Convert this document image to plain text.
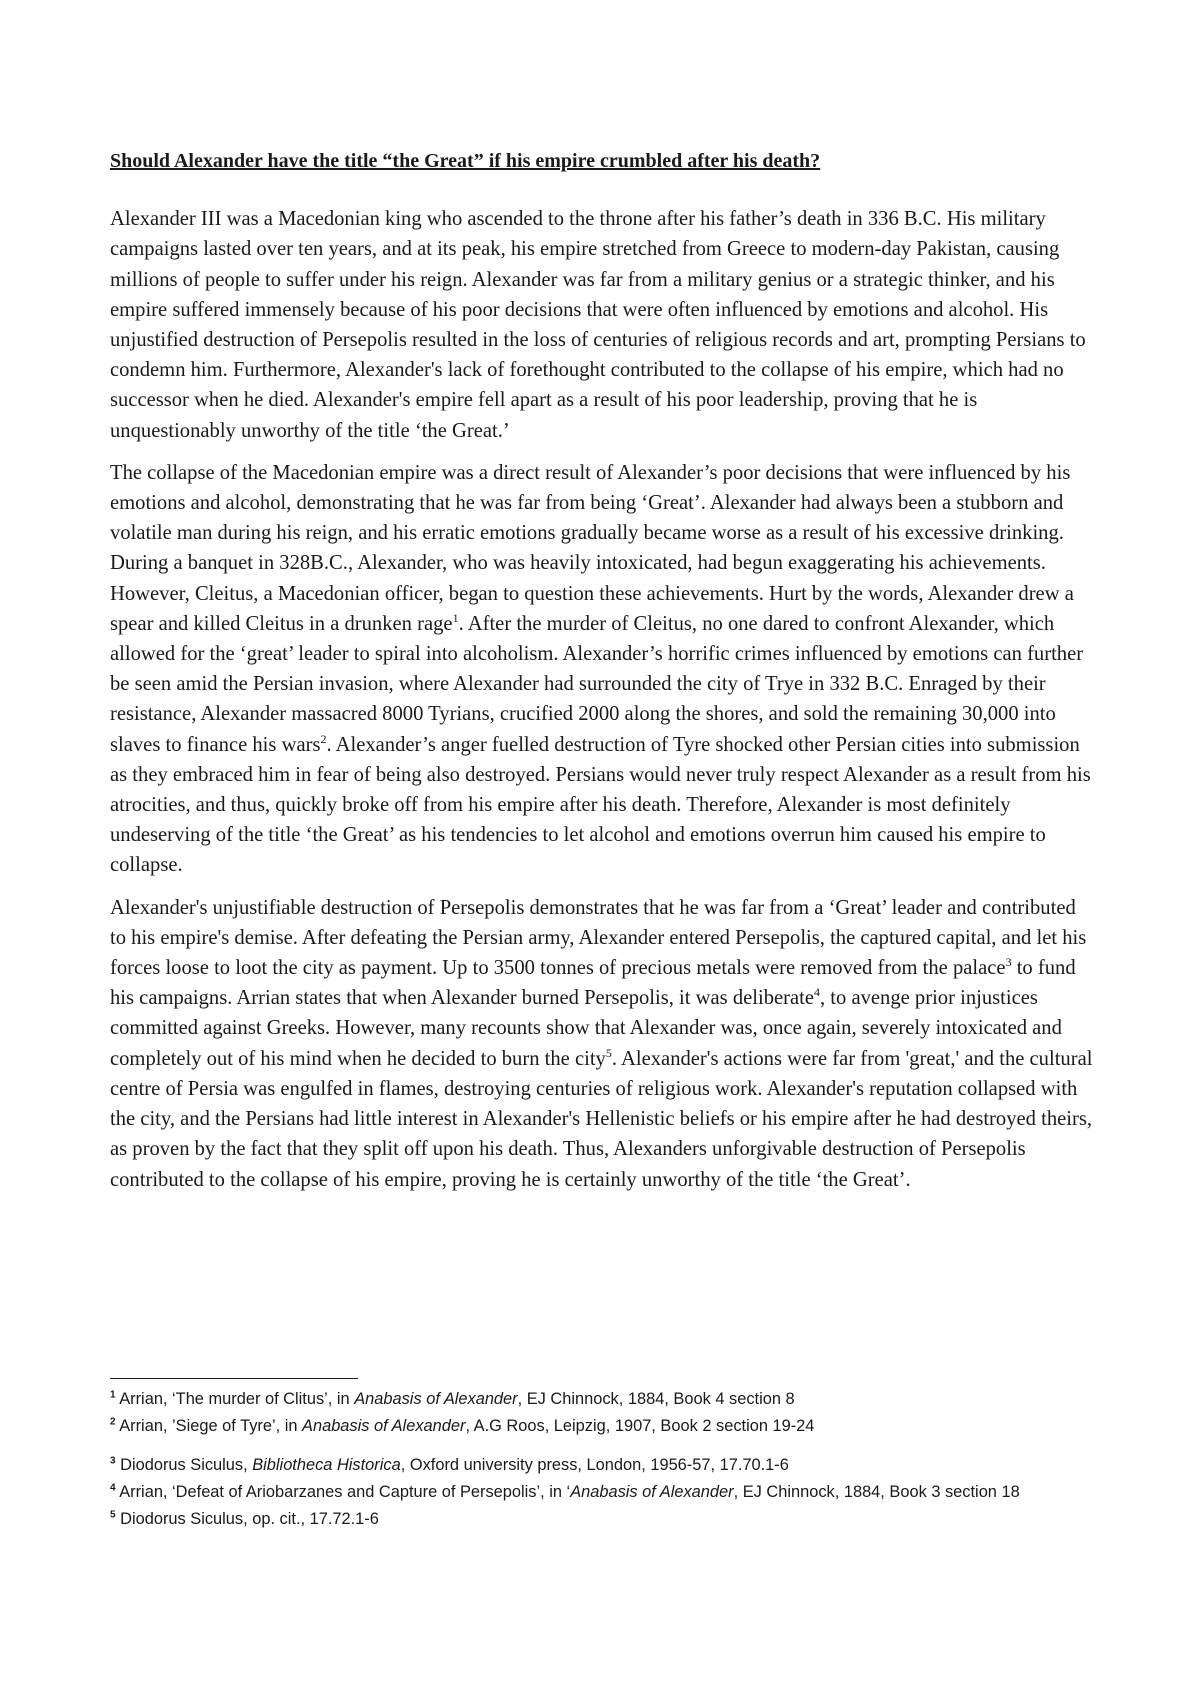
Should Alexander have the title “the Great” if his empire crumbled after his death?

Alexander III was a Macedonian king who ascended to the throne after his father’s death in 336 B.C. His military campaigns lasted over ten years, and at its peak, his empire stretched from Greece to modern-day Pakistan, causing millions of people to suffer under his reign. Alexander was far from a military genius or a strategic thinker, and his empire suffered immensely because of his poor decisions that were often influenced by emotions and alcohol. His unjustified destruction of Persepolis resulted in the loss of centuries of religious records and art, prompting Persians to condemn him. Furthermore, Alexander's lack of forethought contributed to the collapse of his empire, which had no successor when he died. Alexander's empire fell apart as a result of his poor leadership, proving that he is unquestionably unworthy of the title ‘the Great.’

The collapse of the Macedonian empire was a direct result of Alexander’s poor decisions that were influenced by his emotions and alcohol, demonstrating that he was far from being ‘Great’. Alexander had always been a stubborn and volatile man during his reign, and his erratic emotions gradually became worse as a result of his excessive drinking. During a banquet in 328B.C., Alexander, who was heavily intoxicated, had begun exaggerating his achievements. However, Cleitus, a Macedonian officer, began to question these achievements. Hurt by the words, Alexander drew a spear and killed Cleitus in a drunken rage$^1$. After the murder of Cleitus, no one dared to confront Alexander, which allowed for the ‘great’ leader to spiral into alcoholism. Alexander’s horrific crimes influenced by emotions can further be seen amid the Persian invasion, where Alexander had surrounded the city of Trye in 332 B.C. Enraged by their resistance, Alexander massacred 8000 Tyrians, crucified 2000 along the shores, and sold the remaining 30,000 into slaves to finance his wars$^2$. Alexander’s anger fuelled destruction of Tyre shocked other Persian cities into submission as they embraced him in fear of being also destroyed. Persians would never truly respect Alexander as a result from his atrocities, and thus, quickly broke off from his empire after his death. Therefore, Alexander is most definitely undeserving of the title ‘the Great’ as his tendencies to let alcohol and emotions overrun him caused his empire to collapse.

Alexander's unjustifiable destruction of Persepolis demonstrates that he was far from a ‘Great’ leader and contributed to his empire's demise. After defeating the Persian army, Alexander entered Persepolis, the captured capital, and let his forces loose to loot the city as payment. Up to 3500 tonnes of precious metals were removed from the palace$^3$ to fund his campaigns. Arrian states that when Alexander burned Persepolis, it was deliberate$^4$, to avenge prior injustices committed against Greeks. However, many recounts show that Alexander was, once again, severely intoxicated and completely out of his mind when he decided to burn the city$^5$. Alexander's actions were far from 'great,' and the cultural centre of Persia was engulfed in flames, destroying centuries of religious work. Alexander's reputation collapsed with the city, and the Persians had little interest in Alexander's Hellenistic beliefs or his empire after he had destroyed theirs, as proven by the fact that they split off upon his death. Thus, Alexanders unforgivable destruction of Persepolis contributed to the collapse of his empire, proving he is certainly unworthy of the title ‘the Great’.

$^1$ Arrian, ‘The murder of Clitus’, in Anabasis of Alexander, EJ Chinnock, 1884, Book 4 section 8
$^2$ Arrian, ’Siege of Tyre’, in Anabasis of Alexander, A.G Roos, Leipzig, 1907, Book 2 section 19-24
$^3$ Diodorus Siculus, Bibliotheca Historica, Oxford university press, London, 1956-57, 17.70.1-6
$^4$ Arrian, ‘Defeat of Ariobarzanes and Capture of Persepolis’, in ‘Anabasis of Alexander, EJ Chinnock, 1884, Book 3 section 18
$^5$ Diodorus Siculus, op. cit., 17.72.1-6
